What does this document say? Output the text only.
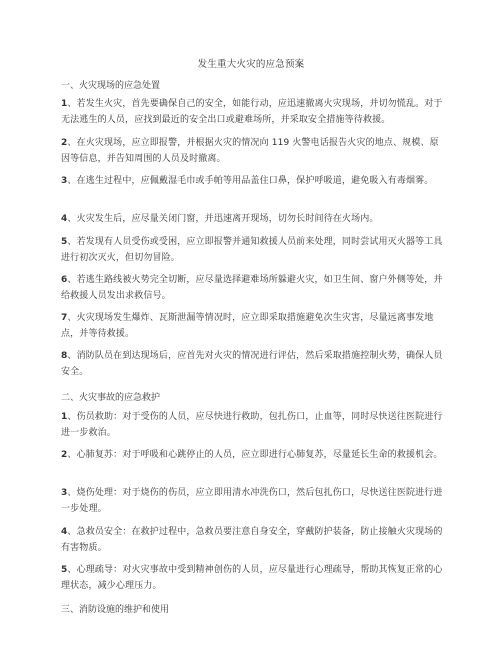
发生重大火灾的应急预案
一、火灾现场的应急处置
1、若发生火灾，首先要确保自己的安全，如能行动，应迅速撤离火灾现场，并切勿慌乱。对于无法逃生的人员，应找到最近的安全出口或避难场所，并采取安全措施等待救援。
2、在火灾现场，应立即报警，并根据火灾的情况向 119 火警电话报告火灾的地点、规模、原因等信息，并告知周围的人员及时撤离。
3、在逃生过程中，应佩戴湿毛巾或手帕等用品盖住口鼻，保护呼吸道，避免吸入有毒烟雾。
4、火灾发生后，应尽量关闭门窗，并迅速离开现场，切勿长时间待在火场内。
5、若发现有人员受伤或受困，应立即报警并通知救援人员前来处理，同时尝试用灭火器等工具进行初次灭火，但切勿冒险。
6、若逃生路线被火势完全切断，应尽量选择避难场所躲避火灾，如卫生间、窗户外侧等处，并给救援人员发出求救信号。
7、火灾现场发生爆炸、瓦斯泄漏等情况时，应立即采取措施避免次生灾害，尽量远离事发地点，并等待救援。
8、消防队员在到达现场后，应首先对火灾的情况进行评估，然后采取措施控制火势，确保人员安全。
二、火灾事故的应急救护
1、伤员救助：对于受伤的人员，应尽快进行救助，包扎伤口，止血等，同时尽快送往医院进行进一步救治。
2、心肺复苏：对于呼吸和心跳停止的人员，应立即进行心肺复苏，尽量延长生命的救援机会。
3、烧伤处理：对于烧伤的伤员，应立即用清水冲洗伤口，然后包扎伤口，尽快送往医院进行进一步处理。
4、急救员安全：在救护过程中，急救员要注意自身安全，穿戴防护装备，防止接触火灾现场的有害物质。
5、心理疏导：对火灾事故中受到精神创伤的人员，应尽量进行心理疏导，帮助其恢复正常的心理状态，减少心理压力。
三、消防设施的维护和使用
